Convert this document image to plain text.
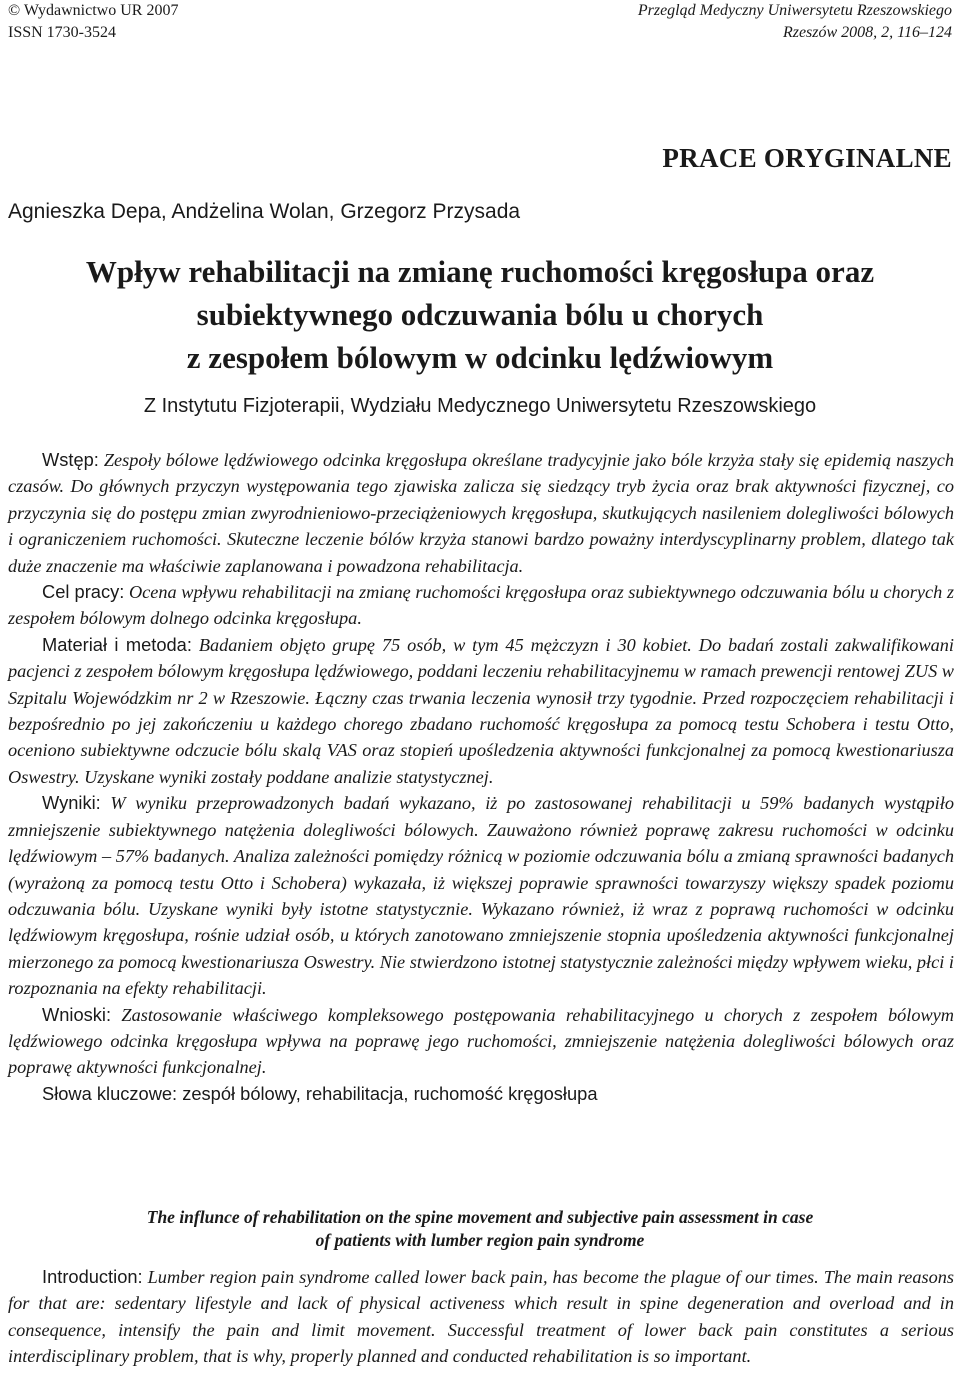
© Wydawnictwo UR 2007
ISSN 1730-3524
Przegląd Medyczny Uniwersytetu Rzeszowskiego
Rzeszów 2008, 2, 116–124
PRACE ORYGINALNE
Agnieszka Depa, Andżelina Wolan, Grzegorz Przysada
Wpływ rehabilitacji na zmianę ruchomości kręgosłupa oraz
subiektywnego odczuwania bólu u chorych
z zespołem bólowym w odcinku lędźwiowym
Z Instytutu Fizjoterapii, Wydziału Medycznego Uniwersytetu Rzeszowskiego

Wstęp: Zespoły bólowe lędźwiowego odcinka kręgosłupa określane tradycyjnie jako bóle krzyża stały się epidemią naszych czasów. Do głównych przyczyn występowania tego zjawiska zalicza się siedzący tryb życia oraz brak aktywności fizycznej, co przyczynia się do postępu zmian zwyrodnieniowo-przeciążeniowych kręgosłupa, skutkujących nasileniem dolegliwości bólowych i ograniczeniem ruchomości. Skuteczne leczenie bólów krzyża stanowi bardzo poważny interdyscyplinarny problem, dlatego tak duże znaczenie ma właściwie zaplanowana i powadzona rehabilitacja.

Cel pracy: Ocena wpływu rehabilitacji na zmianę ruchomości kręgosłupa oraz subiektywnego odczuwania bólu u chorych z zespołem bólowym dolnego odcinka kręgosłupa.

Materiał i metoda: Badaniem objęto grupę 75 osób, w tym 45 mężczyzn i 30 kobiet. Do badań zostali zakwalifikowani pacjenci z zespołem bólowym kręgosłupa lędźwiowego, poddani leczeniu rehabilitacyjnemu w ramach prewencji rentowej ZUS w Szpitalu Wojewódzkim nr 2 w Rzeszowie. Łączny czas trwania leczenia wynosił trzy tygodnie. Przed rozpoczęciem rehabilitacji i bezpośrednio po jej zakończeniu u każdego chorego zbadano ruchomość kręgosłupa za pomocą testu Schobera i testu Otto, oceniono subiektywne odczucie bólu skalą VAS oraz stopień upośledzenia aktywności funkcjonalnej za pomocą kwestionariusza Oswestry. Uzyskane wyniki zostały poddane analizie statystycznej.

Wyniki: W wyniku przeprowadzonych badań wykazano, iż po zastosowanej rehabilitacji u 59% badanych wystąpiło zmniejszenie subiektywnego natężenia dolegliwości bólowych. Zauważono również poprawę zakresu ruchomości w odcinku lędźwiowym – 57% badanych. Analiza zależności pomiędzy różnicą w poziomie odczuwania bólu a zmianą sprawności badanych (wyrażoną za pomocą testu Otto i Schobera) wykazała, iż większej poprawie sprawności towarzyszy większy spadek poziomu odczuwania bólu. Uzyskane wyniki były istotne statystycznie. Wykazano również, iż wraz z poprawą ruchomości w odcinku lędźwiowym kręgosłupa, rośnie udział osób, u których zanotowano zmniejszenie stopnia upośledzenia aktywności funkcjonalnej mierzonego za pomocą kwestionariusza Oswestry. Nie stwierdzono istotnej statystycznie zależności między wpływem wieku, płci i rozpoznania na efekty rehabilitacji.

Wnioski: Zastosowanie właściwego kompleksowego postępowania rehabilitacyjnego u chorych z zespołem bólowym lędźwiowego odcinka kręgosłupa wpływa na poprawę jego ruchomości, zmniejszenie natężenia dolegliwości bólowych oraz poprawę aktywności funkcjonalnej.

Słowa kluczowe: zespół bólowy, rehabilitacja, ruchomość kręgosłupa

The influnce of rehabilitation on the spine movement and subjective pain assessment in case
of patients with lumber region pain syndrome

Introduction: Lumber region pain syndrome called lower back pain, has become the plague of our times. The main reasons for that are: sedentary lifestyle and lack of physical activeness which result in spine degeneration and overload and in consequence, intensify the pain and limit movement. Successful treatment of lower back pain constitutes a serious interdisciplinary problem, that is why, properly planned and conducted rehabilitation is so important.
